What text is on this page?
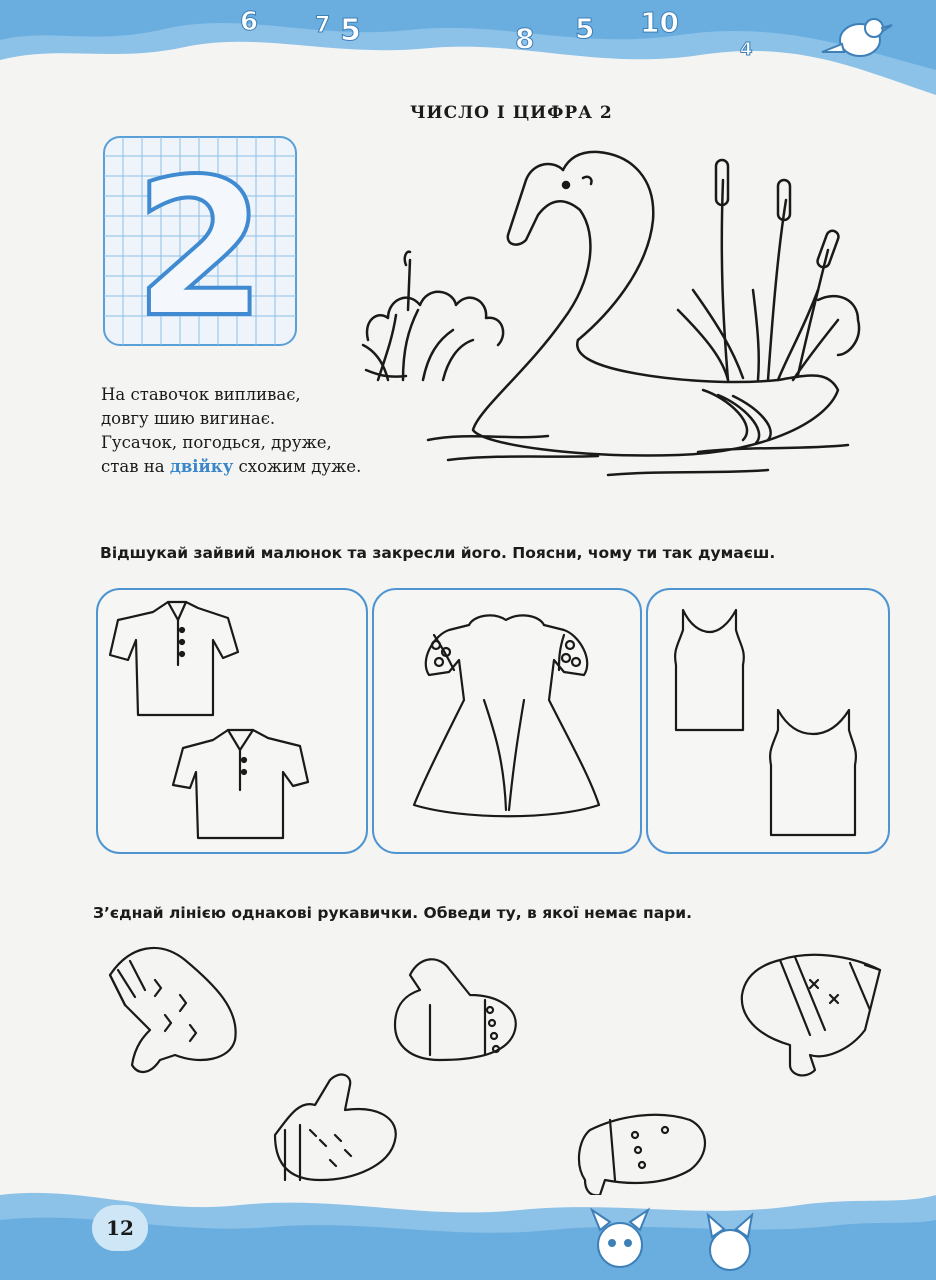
6	7 5	8 5 10
4

ЧИСЛО І ЦИФРА 2
2
На ставочок випливає,
довгу шию вигинає.
Гусачок, погодься, друже,
став на двійку схожим дуже.
Відшукай зайвий малюнок та закресли його. Поясни, чому ти так думаєш.
З’єднай лінією однакові рукавички. Обведи ту, в якої немає пари.
12
